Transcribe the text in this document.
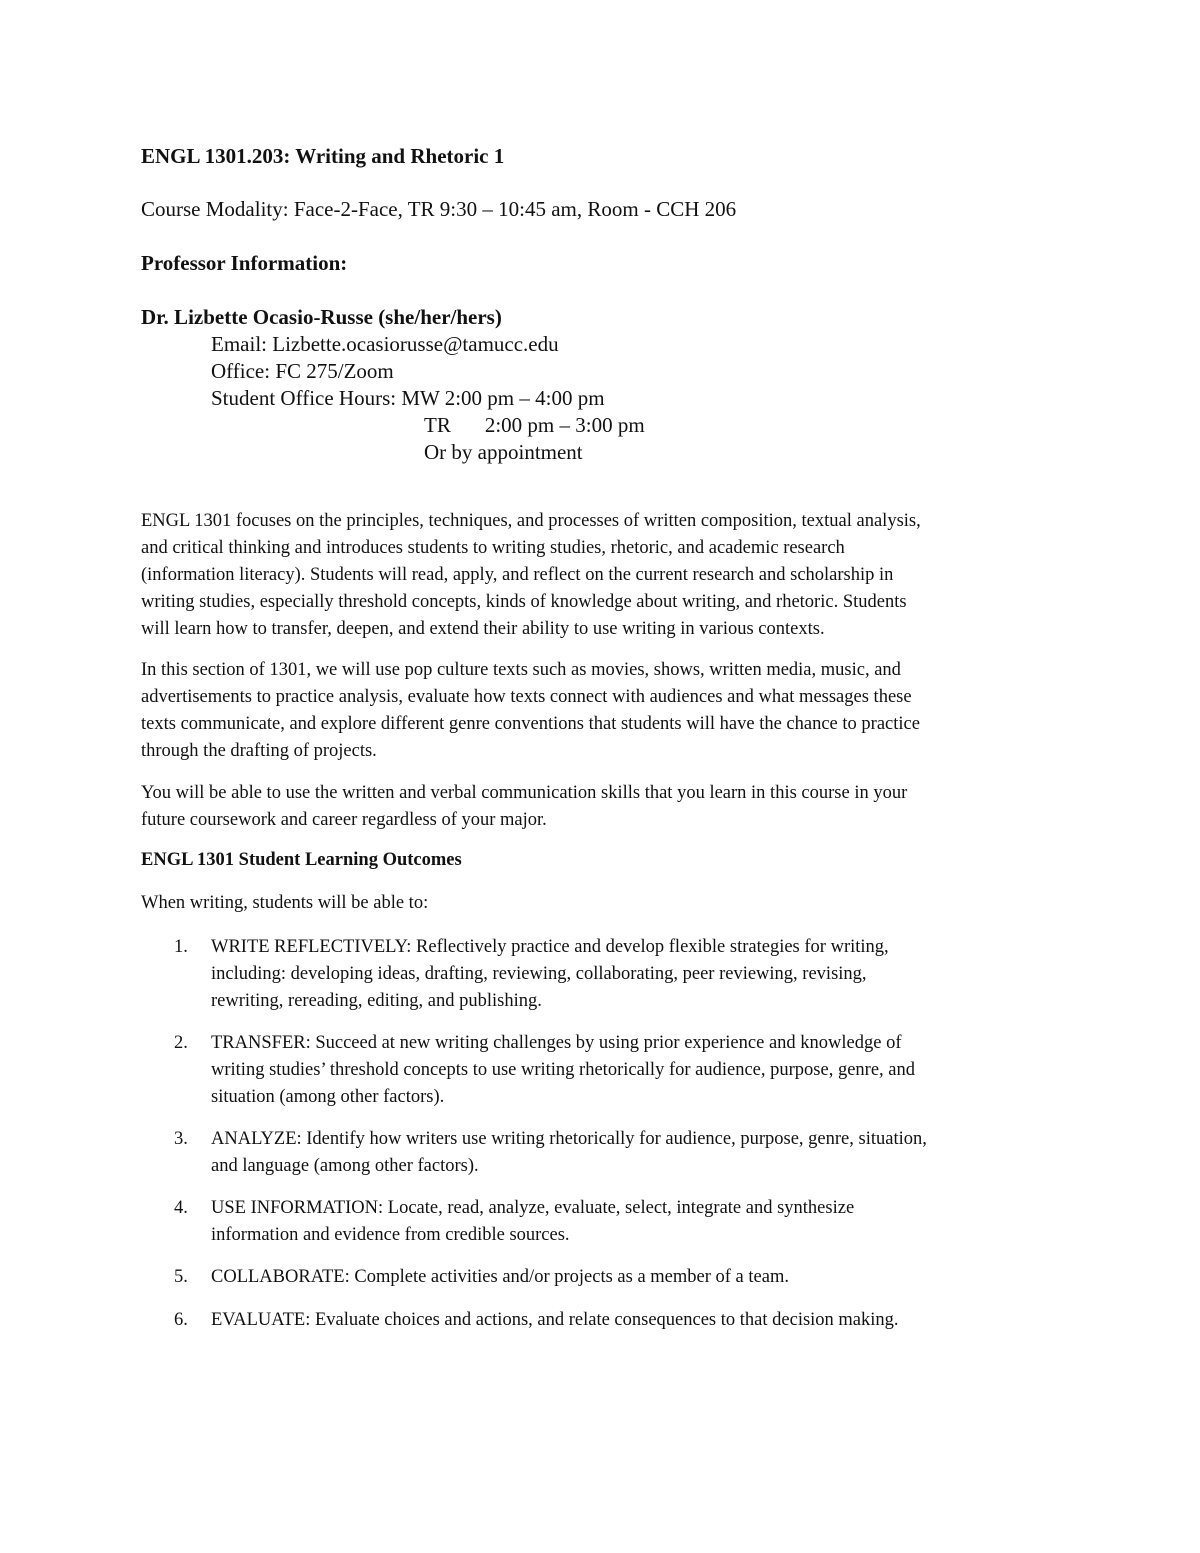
ENGL 1301.203: Writing and Rhetoric 1
Course Modality: Face-2-Face, TR 9:30 – 10:45 am, Room - CCH 206
Professor Information:
Dr. Lizbette Ocasio-Russe (she/her/hers)
Email: Lizbette.ocasiorusse@tamucc.edu
Office: FC 275/Zoom
Student Office Hours: MW 2:00 pm – 4:00 pm
TR 2:00 pm – 3:00 pm
Or by appointment
ENGL 1301 focuses on the principles, techniques, and processes of written composition, textual analysis,
and critical thinking and introduces students to writing studies, rhetoric, and academic research
(information literacy). Students will read, apply, and reflect on the current research and scholarship in
writing studies, especially threshold concepts, kinds of knowledge about writing, and rhetoric. Students
will learn how to transfer, deepen, and extend their ability to use writing in various contexts.
In this section of 1301, we will use pop culture texts such as movies, shows, written media, music, and
advertisements to practice analysis, evaluate how texts connect with audiences and what messages these
texts communicate, and explore different genre conventions that students will have the chance to practice
through the drafting of projects.
You will be able to use the written and verbal communication skills that you learn in this course in your
future coursework and career regardless of your major.
ENGL 1301 Student Learning Outcomes
When writing, students will be able to:
1. WRITE REFLECTIVELY: Reflectively practice and develop flexible strategies for writing,
including: developing ideas, drafting, reviewing, collaborating, peer reviewing, revising,
rewriting, rereading, editing, and publishing.
2. TRANSFER: Succeed at new writing challenges by using prior experience and knowledge of
writing studies’ threshold concepts to use writing rhetorically for audience, purpose, genre, and
situation (among other factors).
3. ANALYZE: Identify how writers use writing rhetorically for audience, purpose, genre, situation,
and language (among other factors).
4. USE INFORMATION: Locate, read, analyze, evaluate, select, integrate and synthesize
information and evidence from credible sources.
5. COLLABORATE: Complete activities and/or projects as a member of a team.
6. EVALUATE: Evaluate choices and actions, and relate consequences to that decision making.
